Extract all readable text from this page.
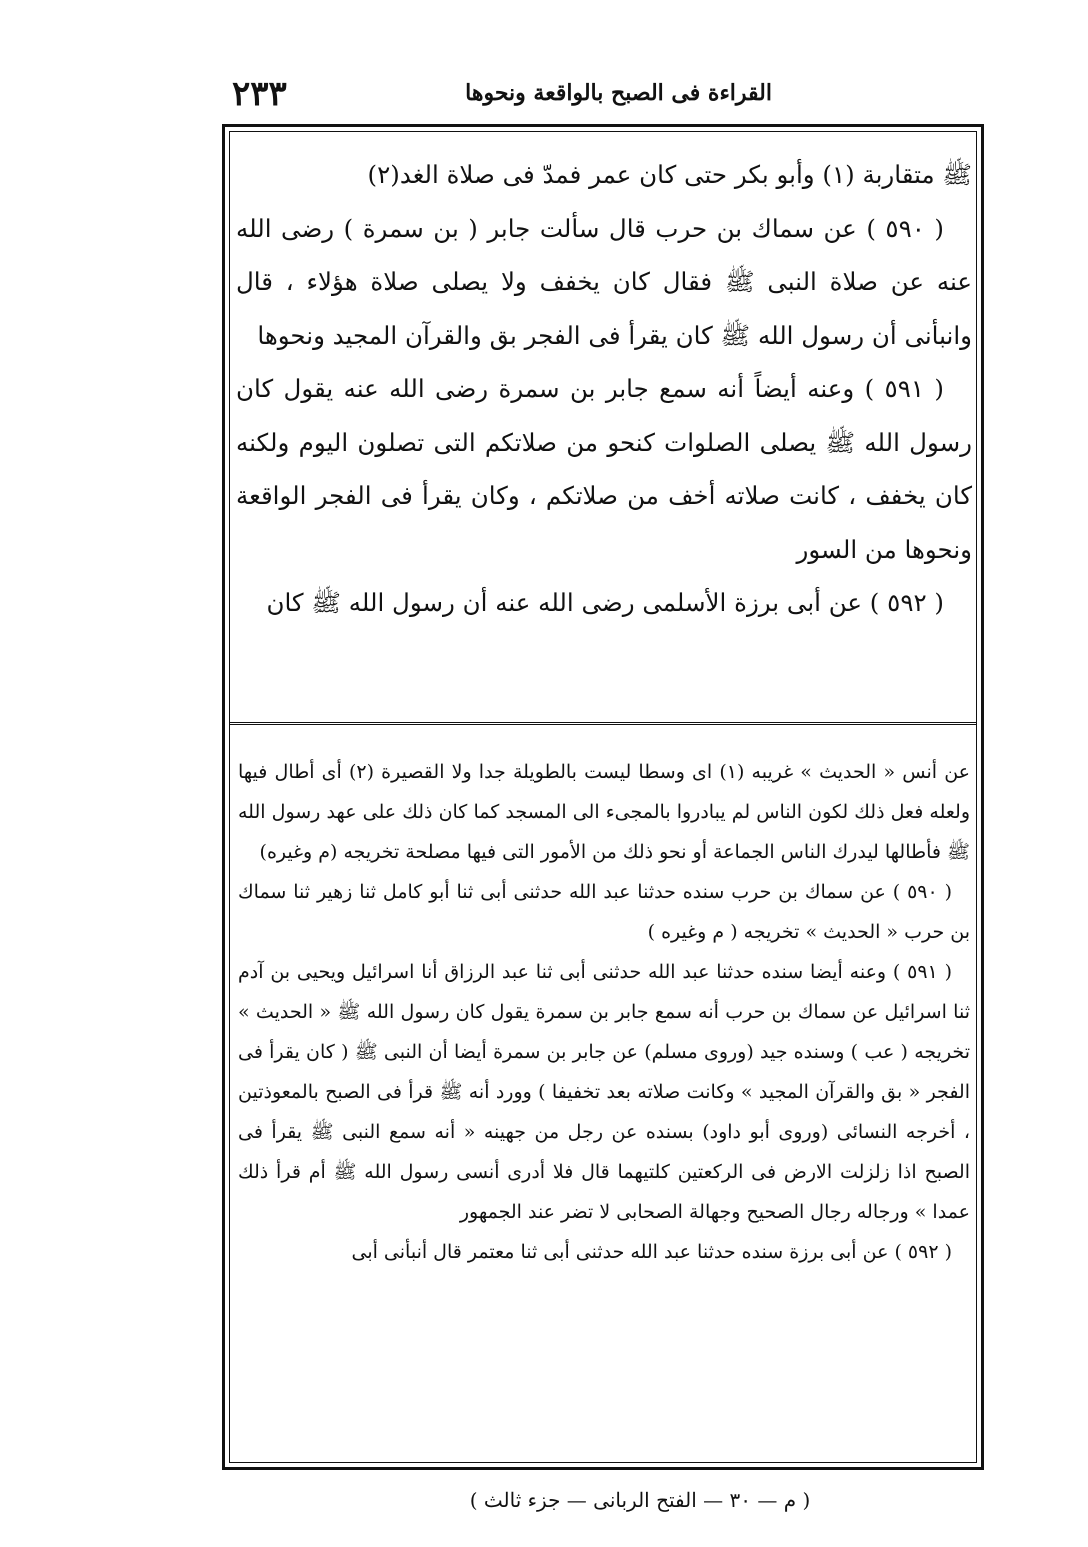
القراءة فى الصبح بالواقعة ونحوها
٢٣٣

ﷺ متقاربة (١) وأبو بكر حتى كان عمر فمدّ فى صلاة الغد(٢)

( ٥٩٠ ) عن سماك بن حرب قال سألت جابر ( بن سمرة ) رضى الله عنه عن صلاة النبى ﷺ فقال كان يخفف ولا يصلى صلاة هؤلاء ، قال وانبأنى أن رسول الله ﷺ كان يقرأ فى الفجر بق والقرآن المجيد ونحوها

( ٥٩١ ) وعنه أيضاً أنه سمع جابر بن سمرة رضى الله عنه يقول كان رسول الله ﷺ يصلى الصلوات كنحو من صلاتكم التى تصلون اليوم ولكنه كان يخفف ، كانت صلاته أخف من صلاتكم ، وكان يقرأ فى الفجر الواقعة ونحوها من السور

( ٥٩٢ ) عن أبى برزة الأسلمى رضى الله عنه أن رسول الله ﷺ كان

عن أنس « الحديث » غريبه (١) اى وسطا ليست بالطويلة جدا ولا القصيرة (٢) أى أطال فيها ولعله فعل ذلك لكون الناس لم يبادروا بالمجىء الى المسجد كما كان ذلك على عهد رسول الله ﷺ فأطالها ليدرك الناس الجماعة أو نحو ذلك من الأمور التى فيها مصلحة تخريجه (م وغيره)

( ٥٩٠ ) عن سماك بن حرب سنده حدثنا عبد الله حدثنى أبى ثنا أبو كامل ثنا زهير ثنا سماك بن حرب « الحديث » تخريجه ( م وغيره )

( ٥٩١ ) وعنه أيضا سنده حدثنا عبد الله حدثنى أبى ثنا عبد الرزاق أنا اسرائيل ويحيى بن آدم ثنا اسرائيل عن سماك بن حرب أنه سمع جابر بن سمرة يقول كان رسول الله ﷺ « الحديث » تخريجه ( عب ) وسنده جيد (وروى مسلم) عن جابر بن سمرة أيضا أن النبى ﷺ ( كان يقرأ فى الفجر « بق والقرآن المجيد » وكانت صلاته بعد تخفيفا ) وورد أنه ﷺ قرأ فى الصبح بالمعوذتين ، أخرجه النسائى (وروى أبو داود) بسنده عن رجل من جهينه « أنه سمع النبى ﷺ يقرأ فى الصبح اذا زلزلت الارض فى الركعتين كلتيهما قال فلا أدرى أنسى رسول الله ﷺ أم قرأ ذلك عمدا » ورجاله رجال الصحيح وجهالة الصحابى لا تضر عند الجمهور

( ٥٩٢ ) عن أبى برزة سنده حدثنا عبد الله حدثنى أبى ثنا معتمر قال أنبأنى أبى

( م — ٣٠ — الفتح الربانى — جزء ثالث )
